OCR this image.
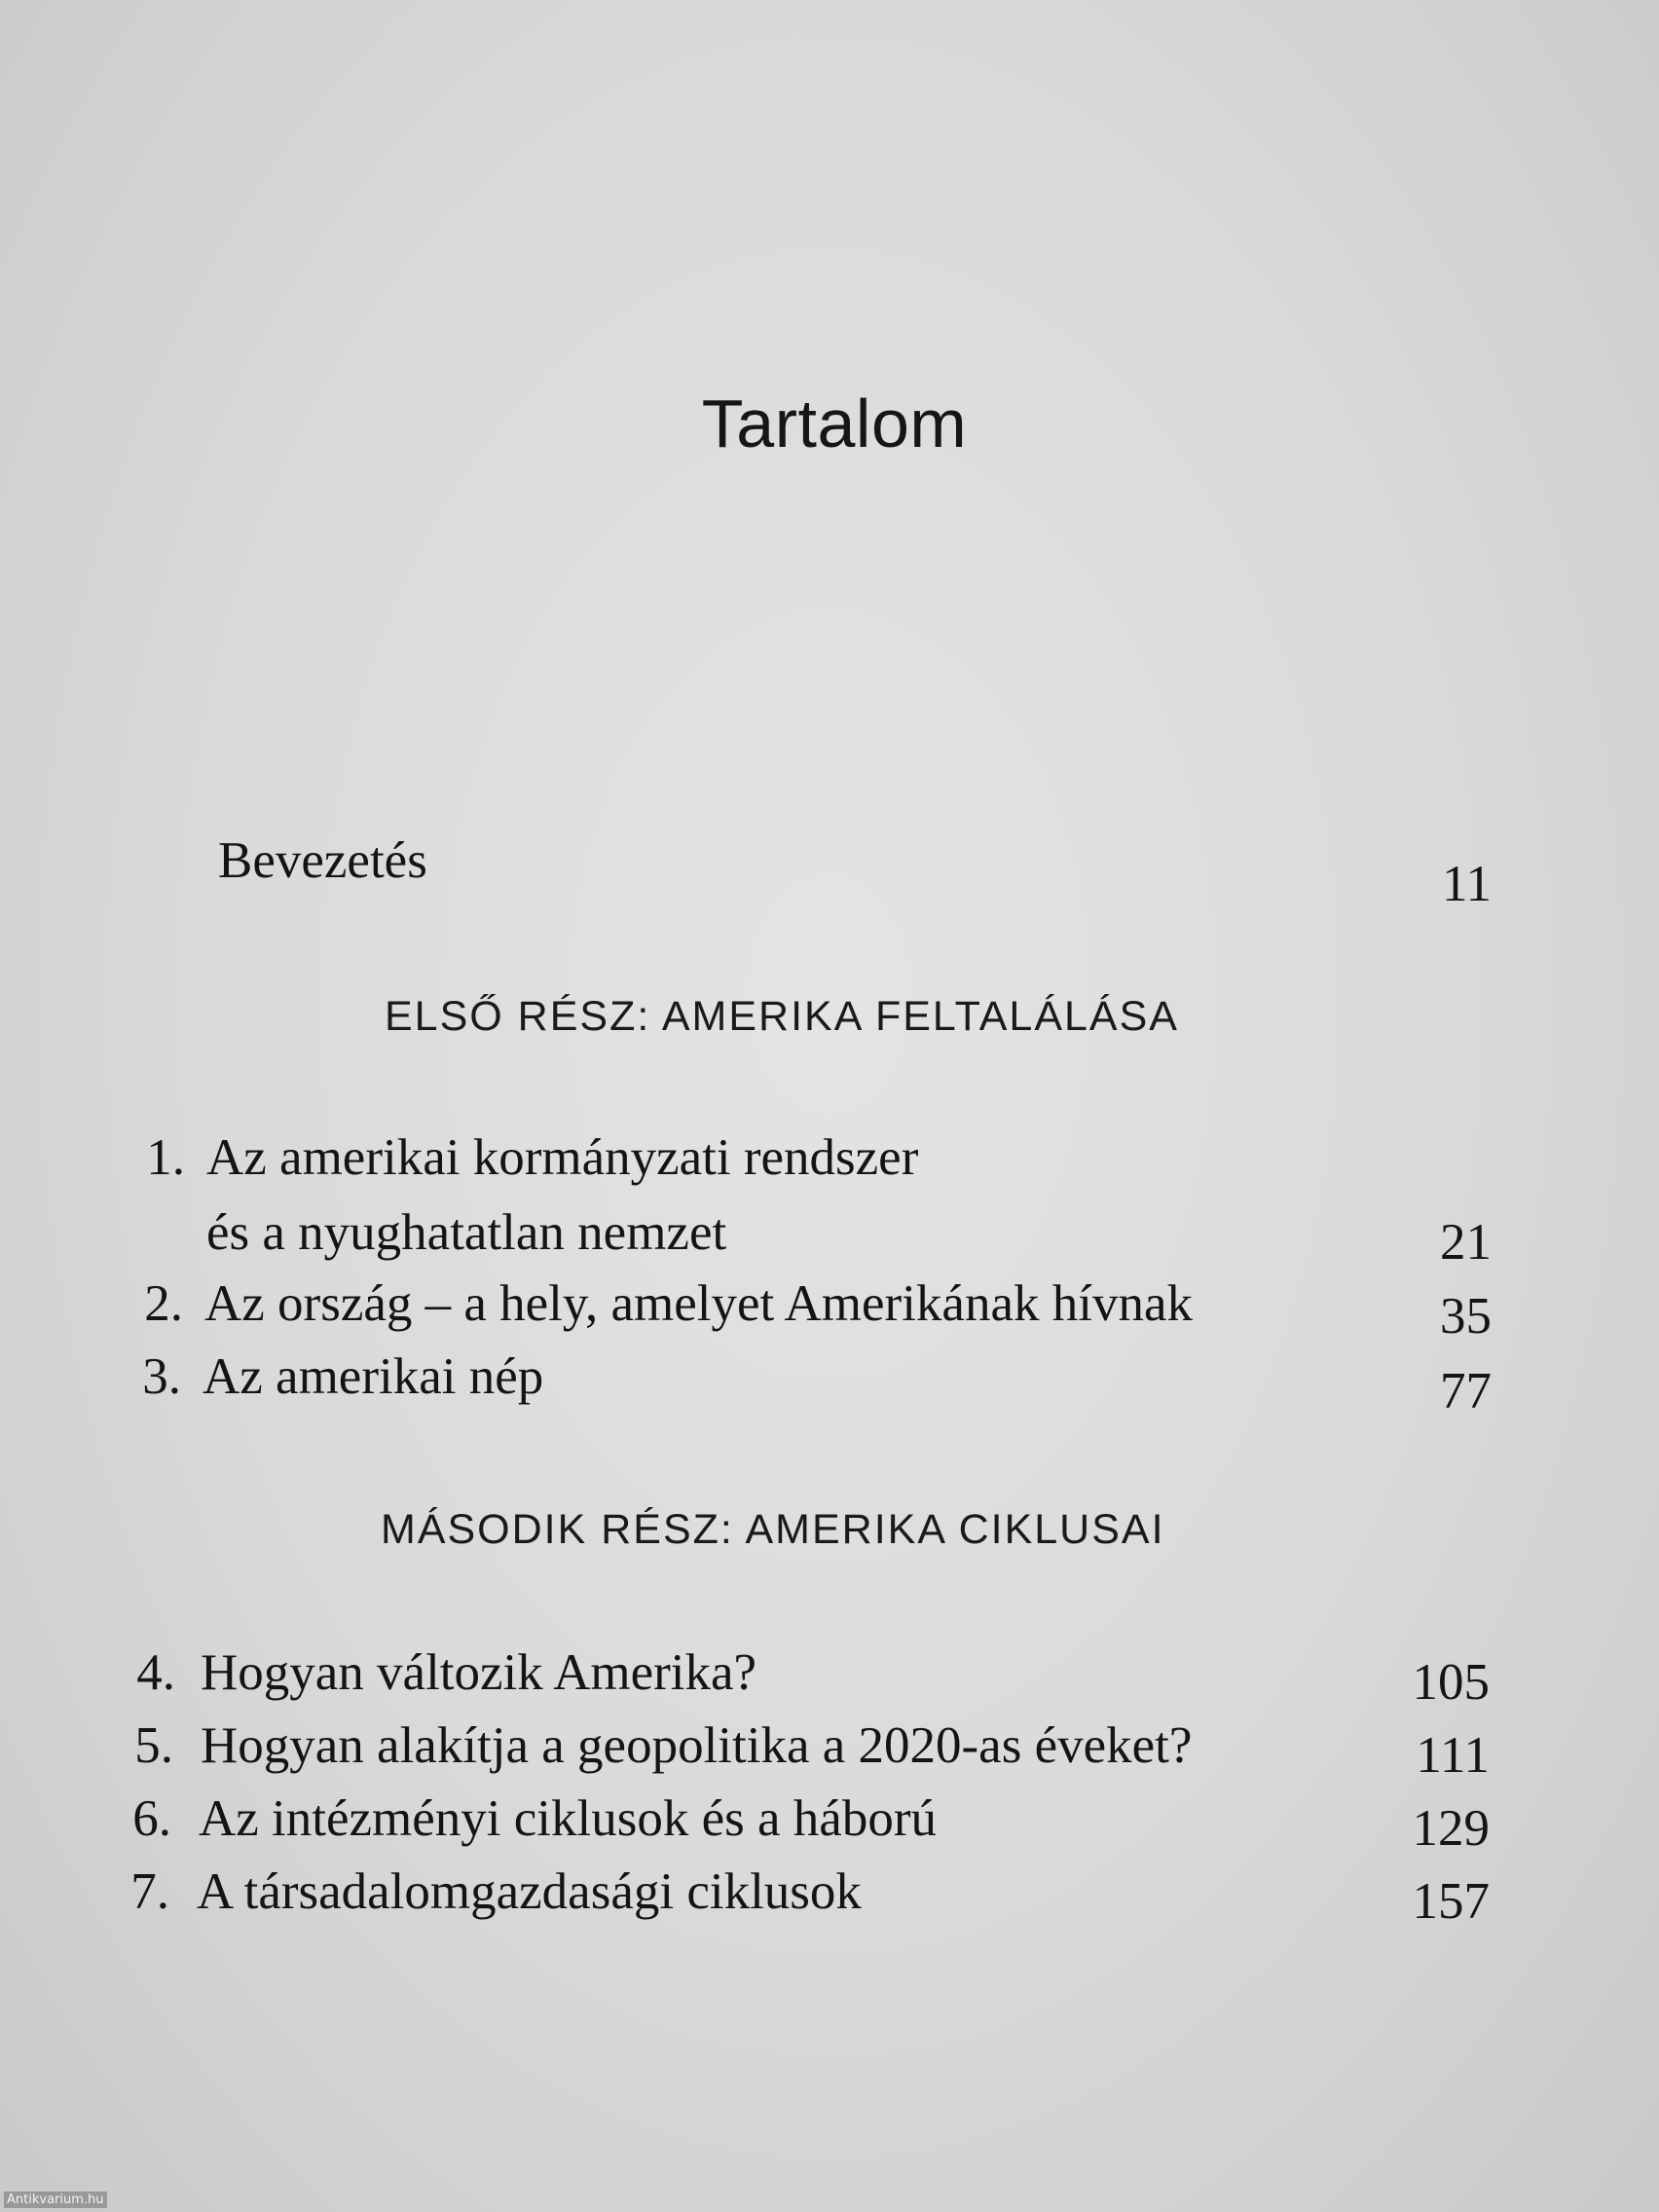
Tartalom
Bevezetés	11
ELSŐ RÉSZ: AMERIKA FELTALÁLÁSA
1. Az amerikai kormányzati rendszer
és a nyughatatlan nemzet	21
2. Az ország – a hely, amelyet Amerikának hívnak	35
3. Az amerikai nép	77
MÁSODIK RÉSZ: AMERIKA CIKLUSAI
4. Hogyan változik Amerika?	105
5. Hogyan alakítja a geopolitika a 2020-as éveket?	111
6. Az intézményi ciklusok és a háború	129
7. A társadalomgazdasági ciklusok	157
Antikvarium.hu
